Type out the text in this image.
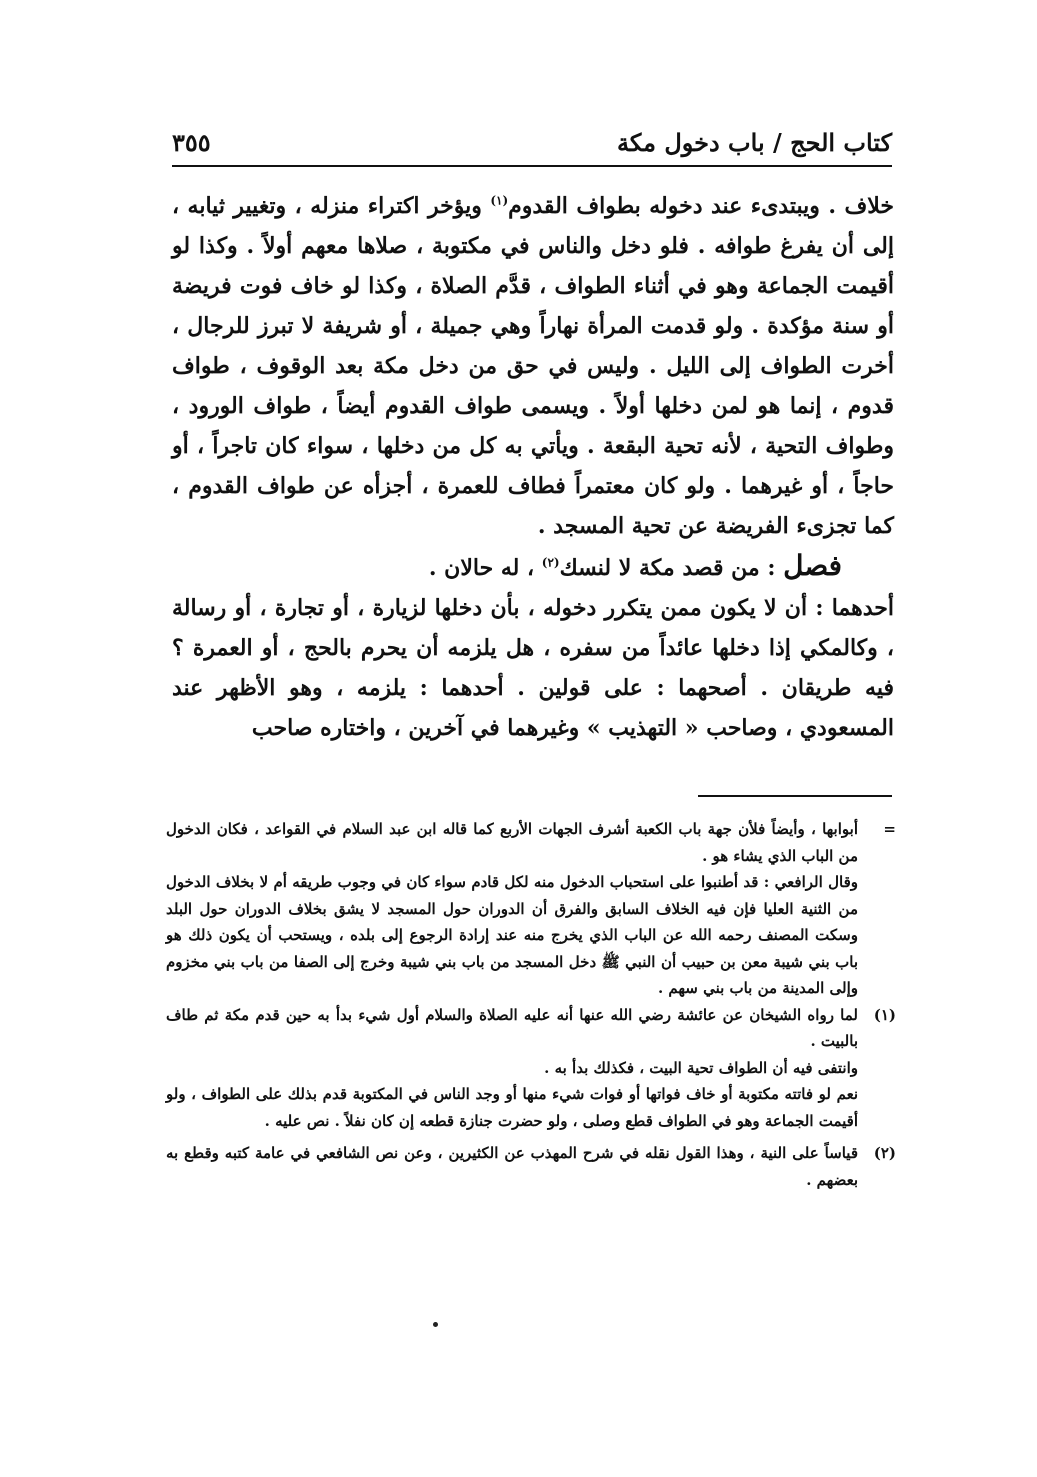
كتاب الحج / باب دخول مكة
٣٥٥

خلاف . ويبتدىء عند دخوله بطواف القدوم$^{(١)}$ ويؤخر اكتراء منزله ، وتغيير ثيابه ، إلى أن يفرغ طوافه . فلو دخل والناس في مكتوبة ، صلاها معهم أولاً . وكذا لو أقيمت الجماعة وهو في أثناء الطواف ، قدَّم الصلاة ، وكذا لو خاف فوت فريضة أو سنة مؤكدة . ولو قدمت المرأة نهاراً وهي جميلة ، أو شريفة لا تبرز للرجال ، أخرت الطواف إلى الليل . وليس في حق من دخل مكة بعد الوقوف ، طواف قدوم ، إنما هو لمن دخلها أولاً . ويسمى طواف القدوم أيضاً ، طواف الورود ، وطواف التحية ، لأنه تحية البقعة . ويأتي به كل من دخلها ، سواء كان تاجراً ، أو حاجاً ، أو غيرهما . ولو كان معتمراً فطاف للعمرة ، أجزأه عن طواف القدوم ، كما تجزىء الفريضة عن تحية المسجد .

فصل : من قصد مكة لا لنسك$^{(٢)}$ ، له حالان .

أحدهما : أن لا يكون ممن يتكرر دخوله ، بأن دخلها لزيارة ، أو تجارة ، أو رسالة ، وكالمكي إذا دخلها عائداً من سفره ، هل يلزمه أن يحرم بالحج ، أو العمرة ؟ فيه طريقان . أصحهما : على قولين . أحدهما : يلزمه ، وهو الأظهر عند المسعودي ، وصاحب « التهذيب » وغيرهما في آخرين ، واختاره صاحب

=
أبوابها ، وأيضاً فلأن جهة باب الكعبة أشرف الجهات الأربع كما قاله ابن عبد السلام في القواعد ، فكان الدخول من الباب الذي يشاء هو .

وقال الرافعي : قد أطنبوا على استحباب الدخول منه لكل قادم سواء كان في وجوب طريقه أم لا بخلاف الدخول من الثنية العليا فإن فيه الخلاف السابق والفرق أن الدوران حول المسجد لا يشق بخلاف الدوران حول البلد وسكت المصنف رحمه الله عن الباب الذي يخرج منه عند إرادة الرجوع إلى بلده ، ويستحب أن يكون ذلك هو باب بني شيبة معن بن حبيب أن النبي ﷺ دخل المسجد من باب بني شيبة وخرج إلى الصفا من باب بني مخزوم وإلى المدينة من باب بني سهم .

(١)
لما رواه الشيخان عن عائشة رضي الله عنها أنه عليه الصلاة والسلام أول شيء بدأ به حين قدم مكة ثم طاف بالبيت .

وانتفى فيه أن الطواف تحية البيت ، فكذلك بدأ به .

نعم لو فاتته مكتوبة أو خاف فواتها أو فوات شيء منها أو وجد الناس في المكتوبة قدم بذلك على الطواف ، ولو أقيمت الجماعة وهو في الطواف قطع وصلى ، ولو حضرت جنازة قطعه إن كان نفلاً . نص عليه .

(٢)
قياساً على النية ، وهذا القول نقله في شرح المهذب عن الكثيرين ، وعن نص الشافعي في عامة كتبه وقطع به بعضهم .
